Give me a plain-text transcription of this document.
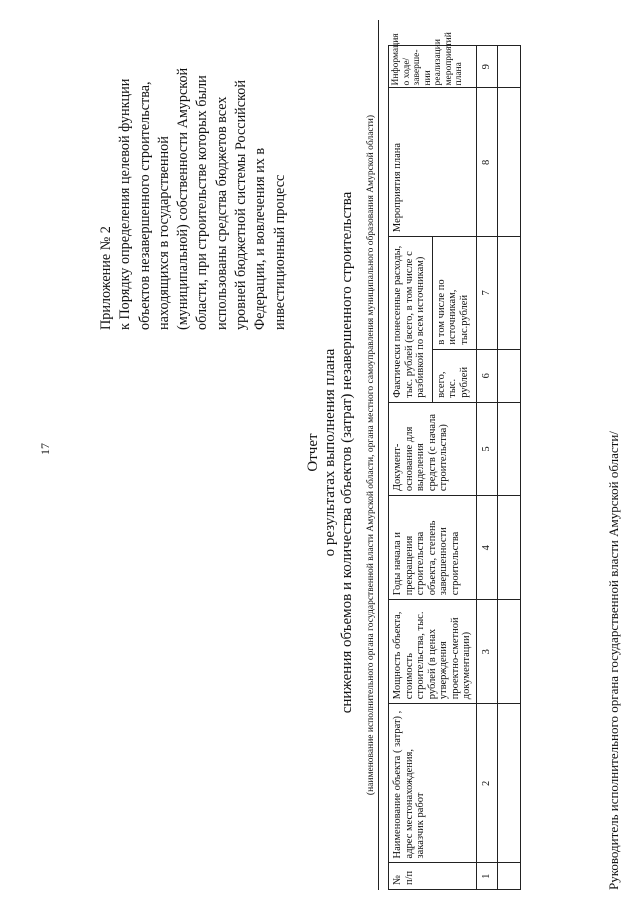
17
Приложение № 2 к Порядку определения целевой функции объектов незавершенного строительства, находящихся в государственной (муниципальной) собственности Амурской области, при строительстве которых были использованы средства бюджетов всех уровней бюджетной системы Российской Федерации, и вовлечения их в инвестиционный процесс
Отчет о результатах выполнения плана снижения объемов и количества объектов (затрат) незавершенного строительства (наименование исполнительного органа государственной власти Амурской области, органа местного самоуправления муниципального образования Амурской области)
№ п/п	Наименование объекта ( затрат) , адрес местонахождения, заказчик работ	Мощность объекта, стоимость строительства, тыс. рублей (в ценах утверждения проектно-сметной документации)	Годы начала и прекращения строительства объекта, степень завершенности строительства	Документ-основание для выделения средств (с начала строительства)	Фактически понесенные расходы, тыс. рублей (всего, в том числе с разбивкой по всем источникам)		Мероприятия плана	Информация о ходе/заверше-нии реализации мероприятий плана
					всего, тыс. рублей	в том числе по источникам, тыс.рублей		
1	2	3	4	5	6	7	8	9

Руководитель исполнительного органа государственной власти Амурской области/
